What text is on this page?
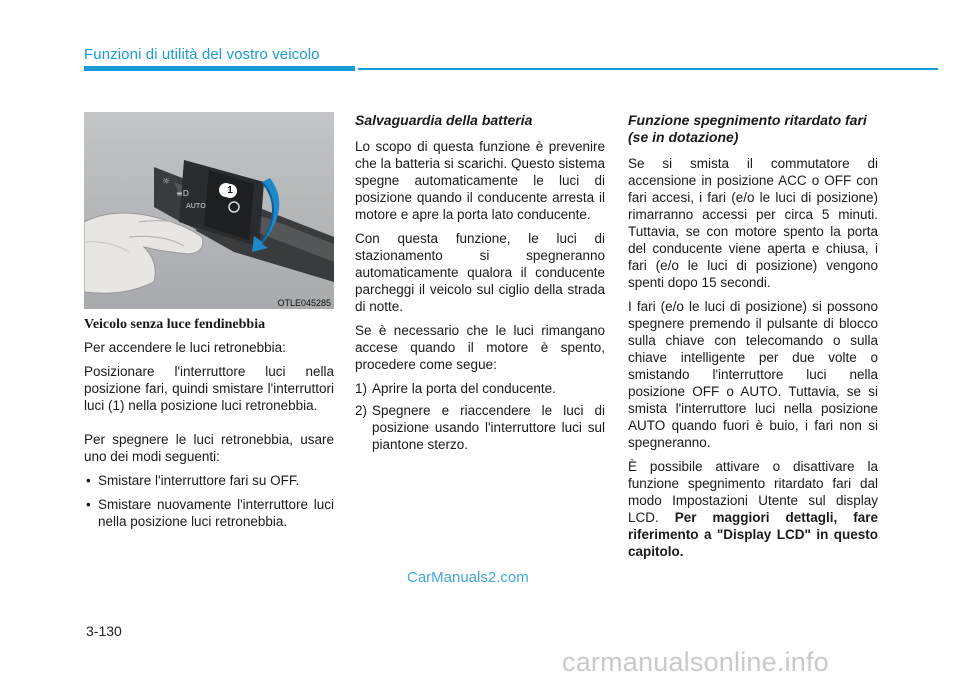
Funzioni di utilità del vostro veicolo
AUTO
☼
≡D	1
OTLE045285
Veicolo senza luce fendinebbia

Per accendere le luci retronebbia:

Posizionare l'interruttore luci nella posizione fari, quindi smistare l'interruttori luci (1) nella posizione luci retronebbia.

Per spegnere le luci retronebbia, usare uno dei modi seguenti:

• Smistare l'interruttore fari su OFF.
• Smistare nuovamente l'interruttore luci nella posizione luci retronebbia.
Salvaguardia della batteria

Lo scopo di questa funzione è prevenire che la batteria si scarichi. Questo sistema spegne automaticamente le luci di posizione quando il conducente arresta il motore e apre la porta lato conducente.

Con questa funzione, le luci di stazionamento si spegneranno automaticamente qualora il conducente parcheggi il veicolo sul ciglio della strada di notte.

Se è necessario che le luci rimangano accese quando il motore è spento, procedere come segue:

1) Aprire la porta del conducente.
2) Spegnere e riaccendere le luci di posizione usando l'interruttore luci sul piantone sterzo.
Funzione spegnimento ritardato fari (se in dotazione)

Se si smista il commutatore di accensione in posizione ACC o OFF con fari accesi, i fari (e/o le luci di posizione) rimarranno accessi per circa 5 minuti. Tuttavia, se con motore spento la porta del conducente viene aperta e chiusa, i fari (e/o le luci di posizione) vengono spenti dopo 15 secondi.

I fari (e/o le luci di posizione) si possono spegnere premendo il pulsante di blocco sulla chiave con telecomando o sulla chiave intelligente per due volte o smistando l'interruttore luci nella posizione OFF o AUTO. Tuttavia, se si smista l'interruttore luci nella posizione AUTO quando fuori è buio, i fari non si spegneranno.

È possibile attivare o disattivare la funzione spegnimento ritardato fari dal modo Impostazioni Utente sul display LCD. Per maggiori dettagli, fare riferimento a "Display LCD" in questo capitolo.

3-130
CarManuals2.com
carmanualsonline.info
